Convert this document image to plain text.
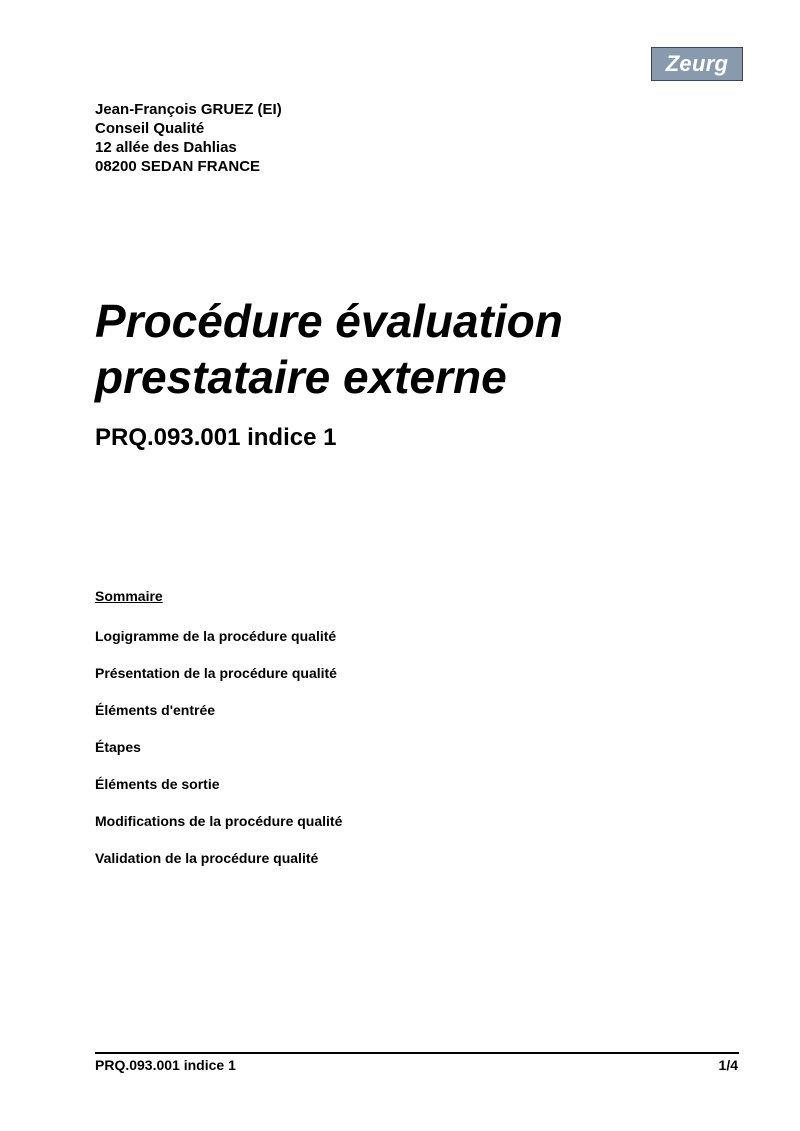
Zeurg
Jean-François GRUEZ (EI)
Conseil Qualité
12 allée des Dahlias
08200 SEDAN FRANCE
Procédure évaluation
prestataire externe
PRQ.093.001 indice 1
Sommaire
Logigramme de la procédure qualité
Présentation de la procédure qualité
Éléments d'entrée
Étapes
Éléments de sortie
Modifications de la procédure qualité
Validation de la procédure qualité
PRQ.093.001 indice 1	1/4
